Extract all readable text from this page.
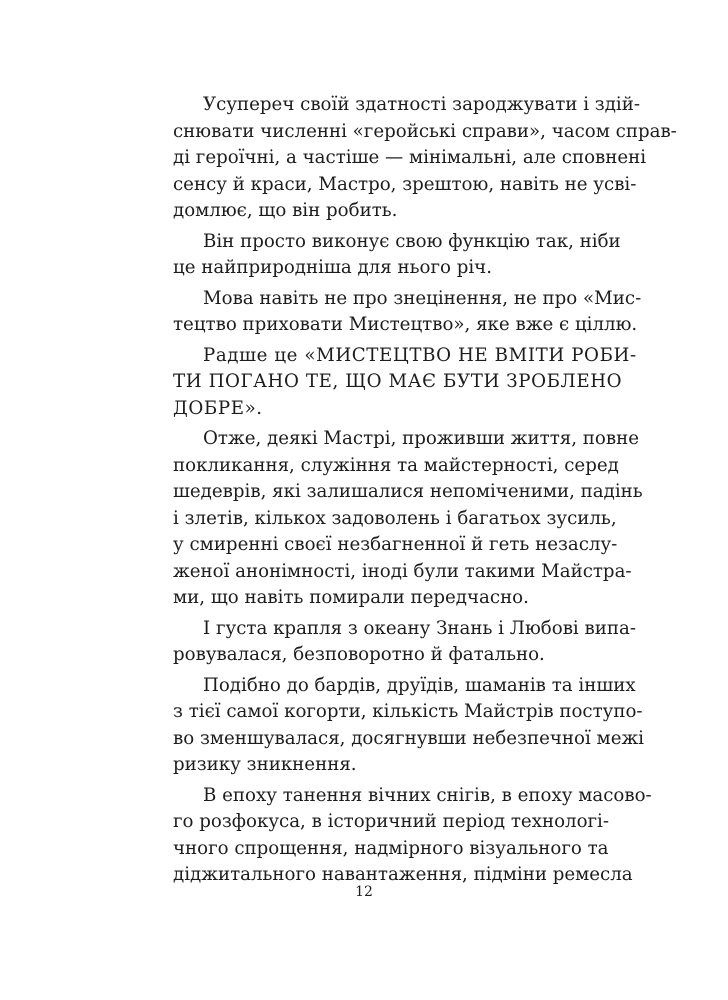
Усупереч своїй здатності зароджувати і здій-
снювати численні «геройські справи», часом справ-
ді героїчні, а частіше — мінімальні, але сповнені
сенсу й краси, Мастро, зрештою, навіть не усві-
домлює, що він робить.
Він просто виконує свою функцію так, ніби
це найприродніша для нього річ.
Мова навіть не про знецінення, не про «Мис-
тецтво приховати Мистецтво», яке вже є ціллю.
Радше це «МИСТЕЦТВО НЕ ВМІТИ РОБИ-
ТИ ПОГАНО ТЕ, ЩО МАЄ БУТИ ЗРОБЛЕНО
ДОБРЕ».
Отже, деякі Мастрі, проживши життя, повне
покликання, служіння та майстерності, серед
шедеврів, які залишалися непоміченими, падінь
і злетів, кількох задоволень і багатьох зусиль,
у смиренні своєї незбагненної й геть незаслу-
женої анонімності, іноді були такими Майстра-
ми, що навіть помирали передчасно.
І густа крапля з океану Знань і Любові випа-
ровувалася, безповоротно й фатально.
Подібно до бардів, друїдів, шаманів та інших
з тієї самої когорти, кількість Майстрів поступо-
во зменшувалася, досягнувши небезпечної межі
ризику зникнення.
В епоху танення вічних снігів, в епоху масово-
го розфокуса, в історичний період технологі-
чного спрощення, надмірного візуального та
діджитального навантаження, підміни ремесла
12
